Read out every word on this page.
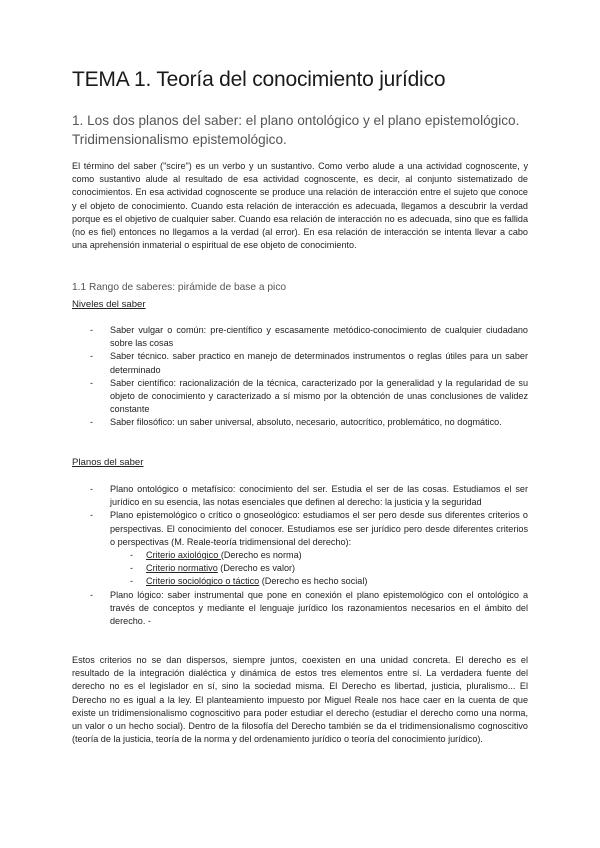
TEMA 1. Teoría del conocimiento jurídico
1. Los dos planos del saber: el plano ontológico y el plano epistemológico. Tridimensionalismo epistemológico.

El término del saber ("scire") es un verbo y un sustantivo. Como verbo alude a una actividad cognoscente, y como sustantivo alude al resultado de esa actividad cognoscente, es decir, al conjunto sistematizado de conocimientos. En esa actividad cognoscente se produce una relación de interacción entre el sujeto que conoce y el objeto de conocimiento. Cuando esta relación de interacción es adecuada, llegamos a descubrir la verdad porque es el objetivo de cualquier saber. Cuando esa relación de interacción no es adecuada, sino que es fallida (no es fiel) entonces no llegamos a la verdad (al error). En esa relación de interacción se intenta llevar a cabo una aprehensión inmaterial o espiritual de ese objeto de conocimiento.

1.1 Rango de saberes: pirámide de base a pico

Niveles del saber

- Saber vulgar o común: pre-científico y escasamente metódico-conocimiento de cualquier ciudadano sobre las cosas
- Saber técnico. saber practico en manejo de determinados instrumentos o reglas útiles para un saber determinado
- Saber científico: racionalización de la técnica, caracterizado por la generalidad y la regularidad de su objeto de conocimiento y caracterizado a sí mismo por la obtención de unas conclusiones de validez constante
- Saber filosófico: un saber universal, absoluto, necesario, autocrítico, problemático, no dogmático.

Planos del saber

- Plano ontológico o metafísico: conocimiento del ser. Estudia el ser de las cosas. Estudiamos el ser jurídico en su esencia, las notas esenciales que definen al derecho: la justicia y la seguridad
- Plano epistemológico o crítico o gnoseológico: estudiamos el ser pero desde sus diferentes criterios o perspectivas. El conocimiento del conocer. Estudiamos ese ser jurídico pero desde diferentes criterios o perspectivas (M. Reale-teoría tridimensional del derecho):
- Criterio axiológico (Derecho es norma)
- Criterio normativo (Derecho es valor)
- Criterio sociológico o táctico (Derecho es hecho social)
- Plano lógico: saber instrumental que pone en conexión el plano epistemológico con el ontológico a través de conceptos y mediante el lenguaje jurídico los razonamientos necesarios en el ámbito del derecho. -

Estos criterios no se dan dispersos, siempre juntos, coexisten en una unidad concreta. El derecho es el resultado de la integración dialéctica y dinámica de estos tres elementos entre sí. La verdadera fuente del derecho no es el legislador en sí, sino la sociedad misma. El Derecho es libertad, justicia, pluralismo... El Derecho no es igual a la ley. El planteamiento impuesto por Miguel Reale nos hace caer en la cuenta de que existe un tridimensionalismo cognoscitivo para poder estudiar el derecho (estudiar el derecho como una norma, un valor o un hecho social). Dentro de la filosofía del Derecho también se da el tridimensionalismo cognoscitivo (teoría de la justicia, teoría de la norma y del ordenamiento jurídico o teoría del conocimiento jurídico).
